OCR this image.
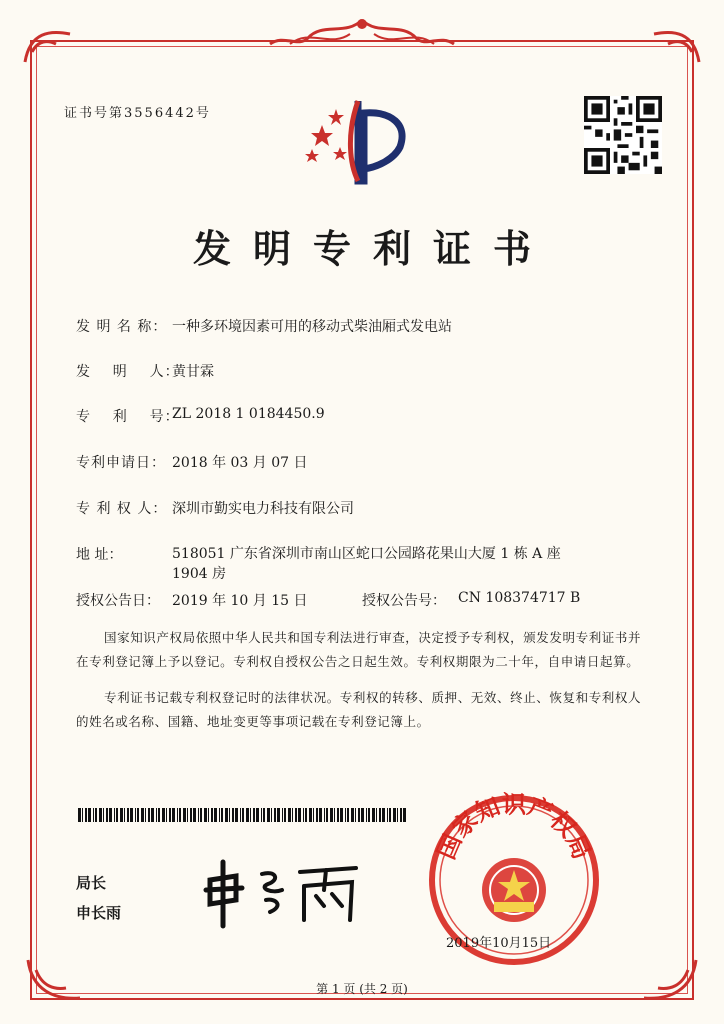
证书号第3556442号
发明专利证书
发 明 名 称： 一种多环境因素可用的移动式柴油厢式发电站
发    明    人：
黄甘霖
专    利    号：
ZL 2018 1 0184450.9
专利申请日： 2018 年 03 月 07 日
专 利 权 人： 深圳市勤实电力科技有限公司
地 址：	518051 广东省深圳市南山区蛇口公园路花果山大厦 1 栋 A 座 1904 房
授权公告日： 2019 年 10 月 15 日	授权公告号： CN 108374717 B
国家知识产权局依照中华人民共和国专利法进行审查，决定授予专利权，颁发发明专利证书并在专利登记簿上予以登记。专利权自授权公告之日起生效。专利权期限为二十年，自申请日起算。
专利证书记载专利权登记时的法律状况。专利权的转移、质押、无效、终止、恢复和专利权人的姓名或名称、国籍、地址变更等事项记载在专利登记簿上。
局长
申长雨
国家知识产权局
2019年10月15日
第 1 页 (共 2 页)
